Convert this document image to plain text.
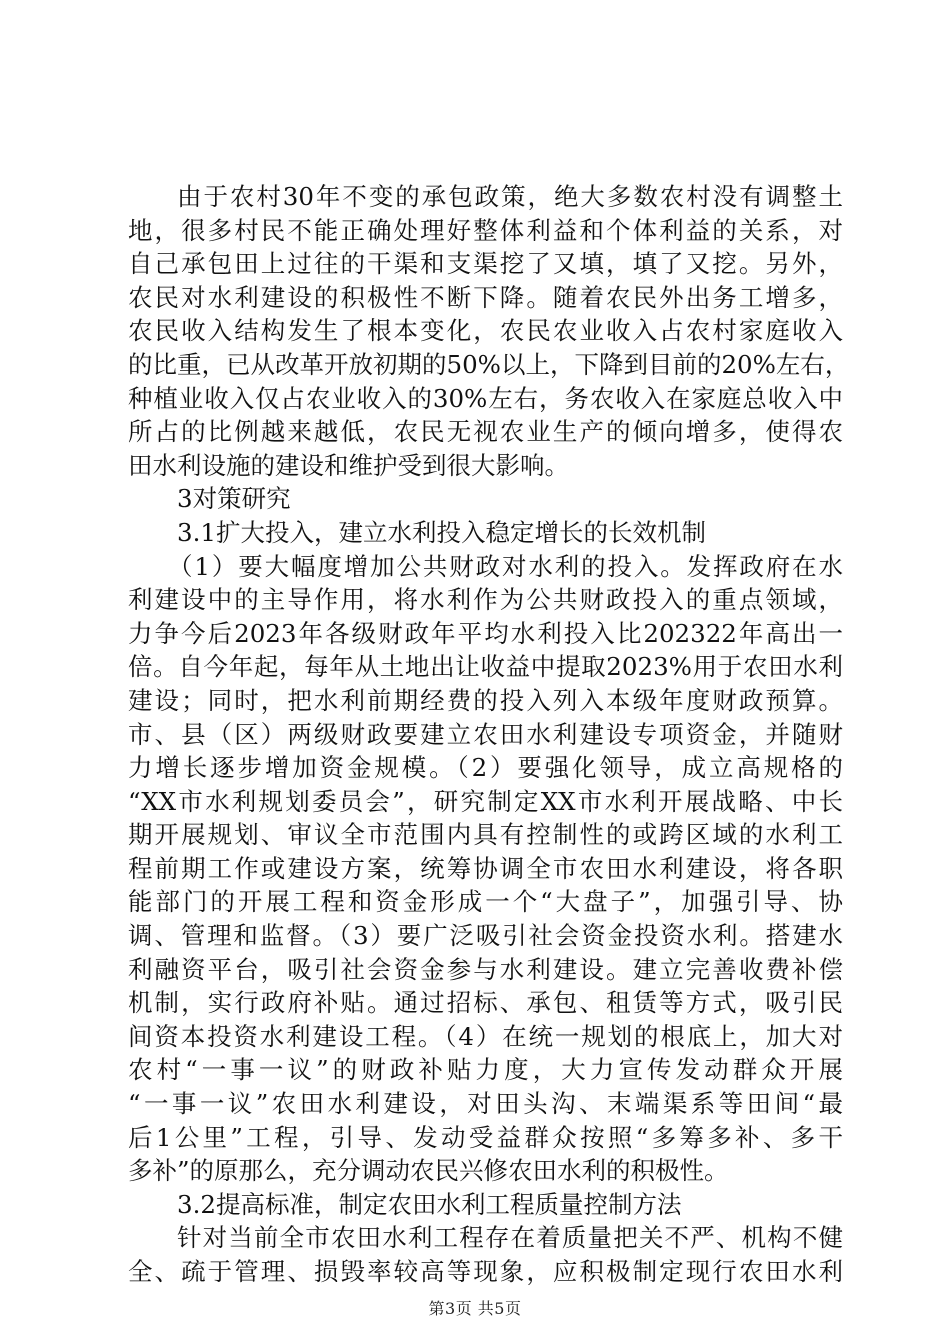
由于农村30年不变的承包政策，绝大多数农村没有调整土
地，很多村民不能正确处理好整体利益和个体利益的关系，对
自己承包田上过往的干渠和支渠挖了又填，填了又挖。另外，
农民对水利建设的积极性不断下降。随着农民外出务工增多，
农民收入结构发生了根本变化，农民农业收入占农村家庭收入
的比重，已从改革开放初期的50%以上，下降到目前的20%左右，
种植业收入仅占农业收入的30%左右，务农收入在家庭总收入中
所占的比例越来越低，农民无视农业生产的倾向增多，使得农
田水利设施的建设和维护受到很大影响。
3对策研究
3.1扩大投入，建立水利投入稳定增长的长效机制
（1）要大幅度增加公共财政对水利的投入。发挥政府在水
利建设中的主导作用，将水利作为公共财政投入的重点领域，
力争今后2023年各级财政年平均水利投入比202322年高出一
倍。自今年起，每年从土地出让收益中提取2023%用于农田水利
建设；同时，把水利前期经费的投入列入本级年度财政预算。
市、县（区）两级财政要建立农田水利建设专项资金，并随财
力增长逐步增加资金规模。（2）要强化领导，成立高规格的
“XX市水利规划委员会”，研究制定XX市水利开展战略、中长
期开展规划、审议全市范围内具有控制性的或跨区域的水利工
程前期工作或建设方案，统筹协调全市农田水利建设，将各职
能部门的开展工程和资金形成一个“大盘子”，加强引导、协
调、管理和监督。（3）要广泛吸引社会资金投资水利。搭建水
利融资平台，吸引社会资金参与水利建设。建立完善收费补偿
机制，实行政府补贴。通过招标、承包、租赁等方式，吸引民
间资本投资水利建设工程。（4）在统一规划的根底上，加大对
农村“一事一议”的财政补贴力度，大力宣传发动群众开展
“一事一议”农田水利建设，对田头沟、末端渠系等田间“最
后1公里”工程，引导、发动受益群众按照“多筹多补、多干
多补”的原那么，充分调动农民兴修农田水利的积极性。
3.2提高标准，制定农田水利工程质量控制方法
针对当前全市农田水利工程存在着质量把关不严、机构不健
全、疏于管理、损毁率较高等现象，应积极制定现行农田水利
第3页 共5页
